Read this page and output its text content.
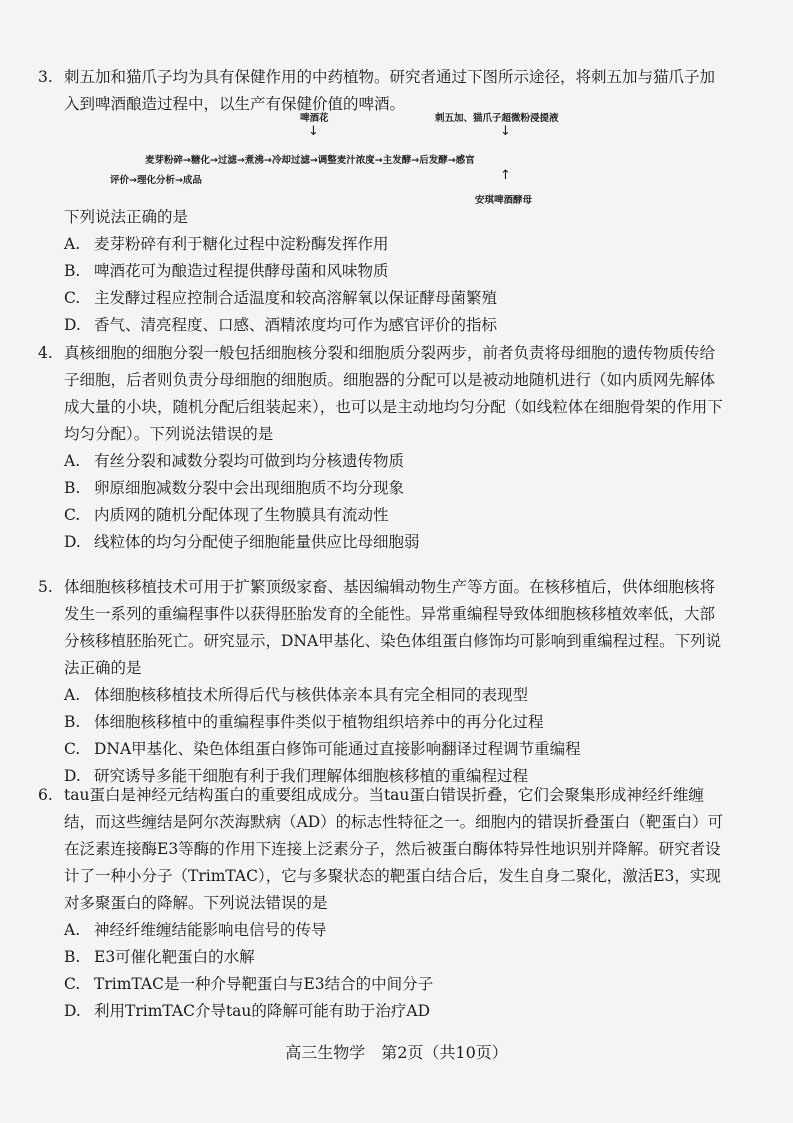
3. 刺五加和猫爪子均为具有保健作用的中药植物。研究者通过下图所示途径，将刺五加与猫爪子加入到啤酒酿造过程中，以生产有保健价值的啤酒。
啤酒花	刺五加、猫爪子超微粉浸提液
↓	↓
麦芽粉碎→糖化→过滤→煮沸→冷却过滤→调整麦汁浓度→主发酵→后发酵→感官
评价→理化分析→成品	↑
安琪啤酒酵母
下列说法正确的是
A. 麦芽粉碎有利于糖化过程中淀粉酶发挥作用
B. 啤酒花可为酿造过程提供酵母菌和风味物质
C. 主发酵过程应控制合适温度和较高溶解氧以保证酵母菌繁殖
D. 香气、清亮程度、口感、酒精浓度均可作为感官评价的指标
4. 真核细胞的细胞分裂一般包括细胞核分裂和细胞质分裂两步，前者负责将母细胞的遗传物质传给子细胞，后者则负责分母细胞的细胞质。细胞器的分配可以是被动地随机进行（如内质网先解体成大量的小块，随机分配后组装起来），也可以是主动地均匀分配（如线粒体在细胞骨架的作用下均匀分配）。下列说法错误的是
A. 有丝分裂和减数分裂均可做到均分核遗传物质
B. 卵原细胞减数分裂中会出现细胞质不均分现象
C. 内质网的随机分配体现了生物膜具有流动性
D. 线粒体的均匀分配使子细胞能量供应比母细胞弱
5. 体细胞核移植技术可用于扩繁顶级家畜、基因编辑动物生产等方面。在核移植后，供体细胞核将发生一系列的重编程事件以获得胚胎发育的全能性。异常重编程导致体细胞核移植效率低，大部分核移植胚胎死亡。研究显示，DNA甲基化、染色体组蛋白修饰均可影响到重编程过程。下列说法正确的是
A. 体细胞核移植技术所得后代与核供体亲本具有完全相同的表现型
B. 体细胞核移植中的重编程事件类似于植物组织培养中的再分化过程
C. DNA甲基化、染色体组蛋白修饰可能通过直接影响翻译过程调节重编程
D. 研究诱导多能干细胞有利于我们理解体细胞核移植的重编程过程
6. tau蛋白是神经元结构蛋白的重要组成成分。当tau蛋白错误折叠，它们会聚集形成神经纤维缠结，而这些缠结是阿尔茨海默病（AD）的标志性特征之一。细胞内的错误折叠蛋白（靶蛋白）可在泛素连接酶E3等酶的作用下连接上泛素分子，然后被蛋白酶体特异性地识别并降解。研究者设计了一种小分子（TrimTAC），它与多聚状态的靶蛋白结合后，发生自身二聚化，激活E3，实现对多聚蛋白的降解。下列说法错误的是
A. 神经纤维缠结能影响电信号的传导
B. E3可催化靶蛋白的水解
C. TrimTAC是一种介导靶蛋白与E3结合的中间分子
D. 利用TrimTAC介导tau的降解可能有助于治疗AD
高三生物学　第2页（共10页）
